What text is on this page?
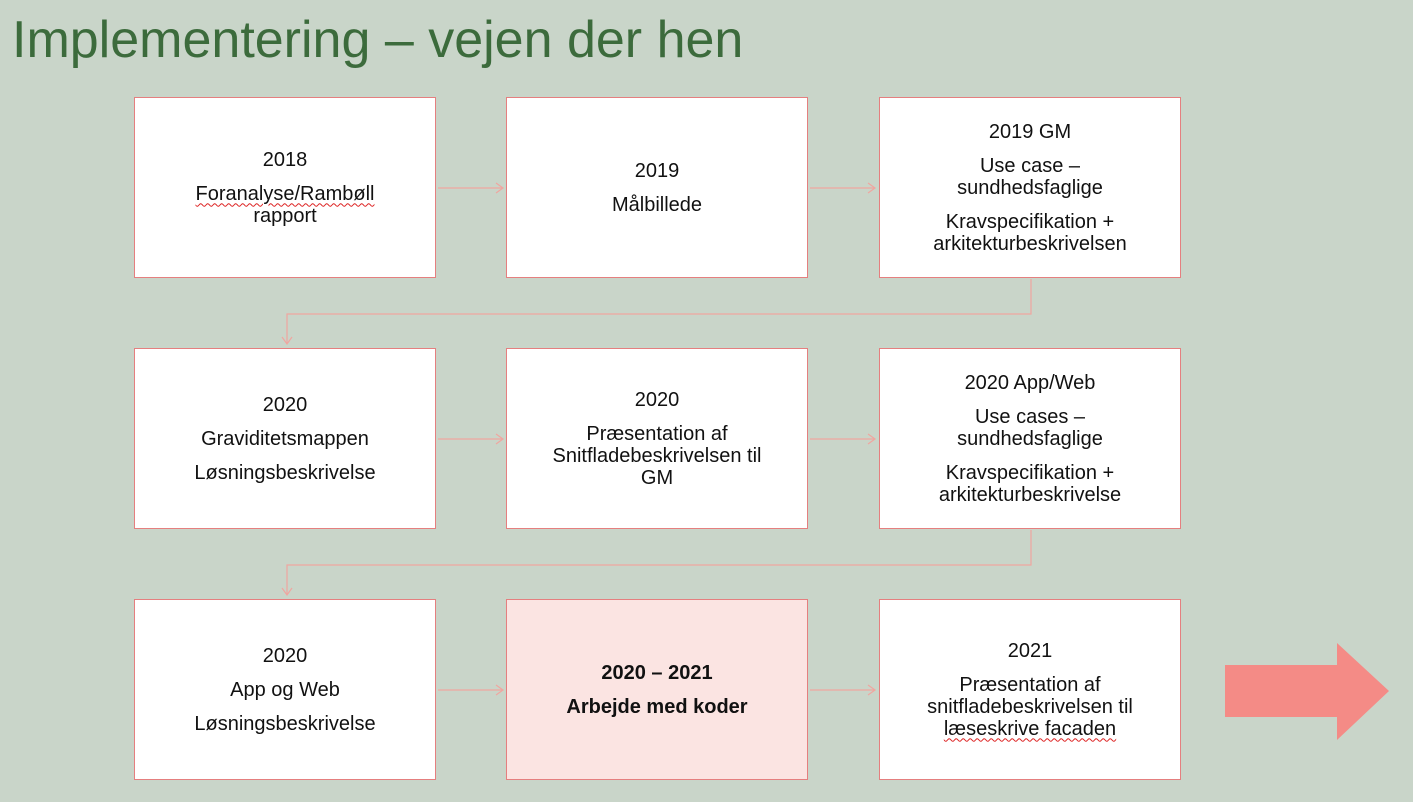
Implementering – vejen der hen
2018
Foranalyse/Rambøll
rapport
2019
Målbillede
2019 GM
Use case –
sundhedsfaglige
Kravspecifikation +
arkitekturbeskrivelsen
2020
Graviditetsmappen
Løsningsbeskrivelse
2020
Præsentation af
Snitfladebeskrivelsen til
GM
2020 App/Web
Use cases –
sundhedsfaglige
Kravspecifikation +
arkitekturbeskrivelse
2020
App og Web
Løsningsbeskrivelse
2020 – 2021
Arbejde med koder
2021
Præsentation af
snitfladebeskrivelsen til
læseskrive facaden
